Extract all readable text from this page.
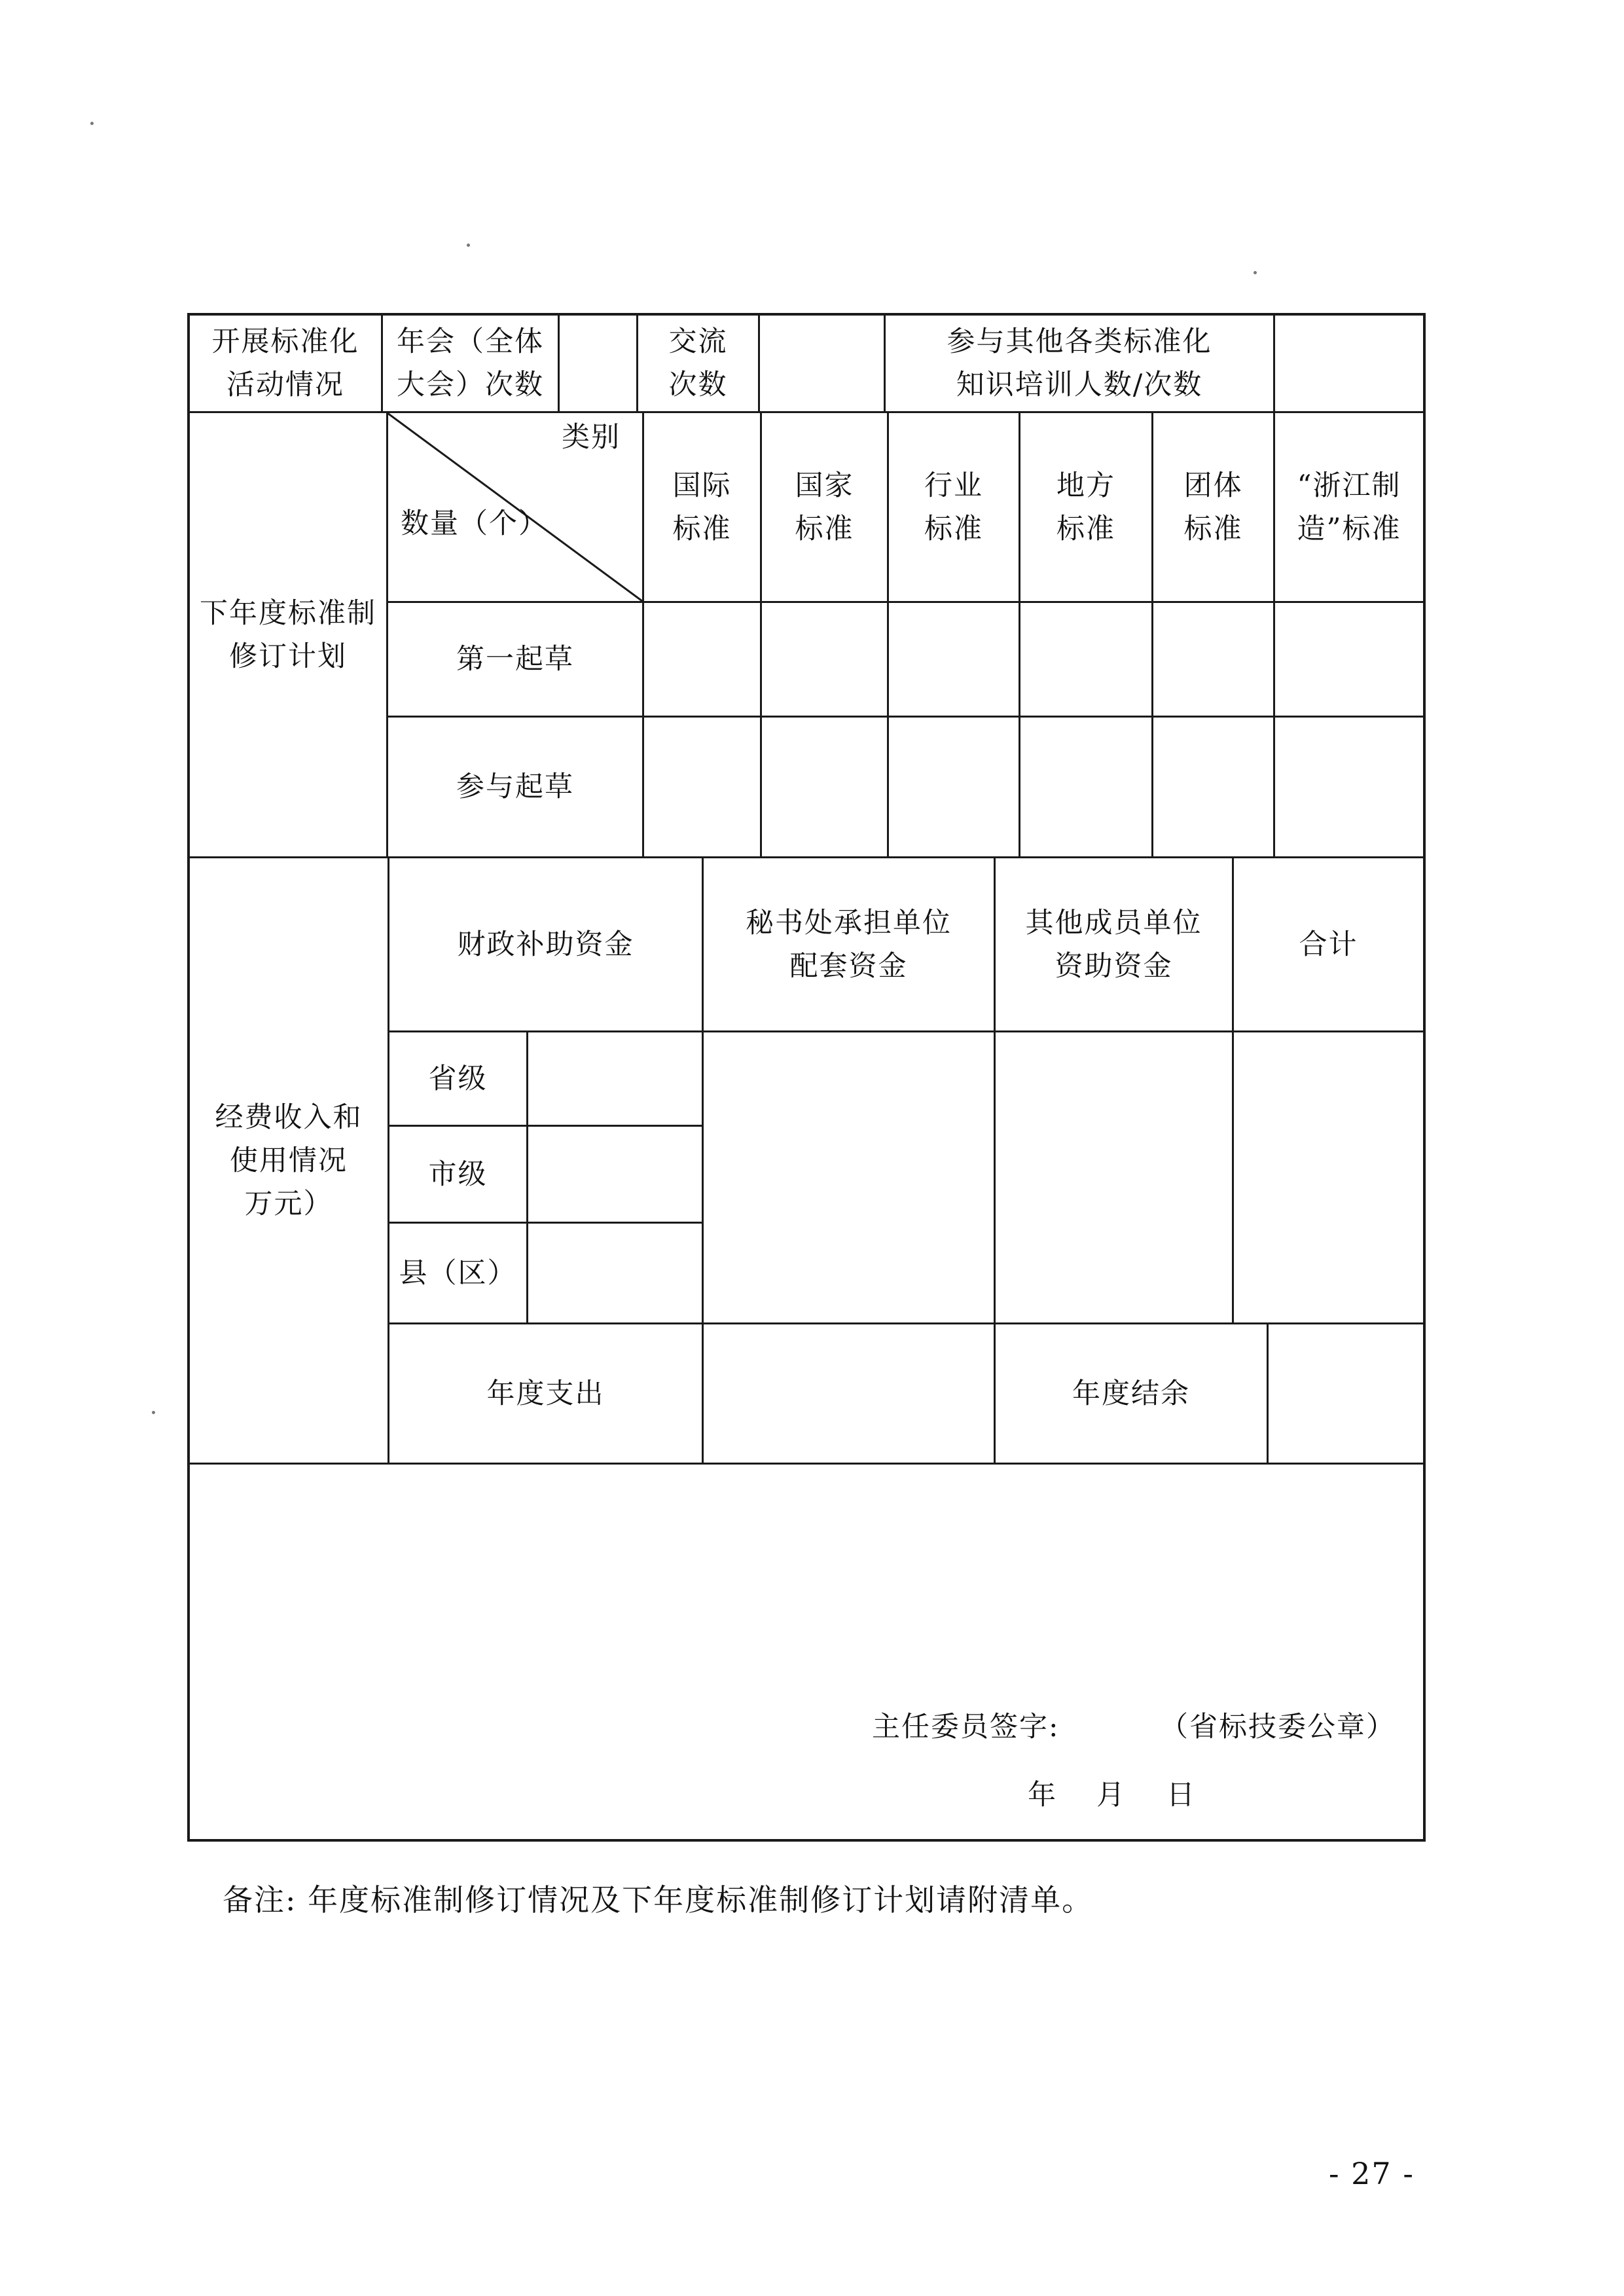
开展标准化
活动情况
年会（全体
大会）次数
交流
次数
参与其他各类标准化
知识培训人数/次数
下年度标准制
修订计划
类别
数量（个）
国际
标准
国家
标准
行业
标准
地方
标准
团体
标准
“浙江制
造”标准
第一起草
参与起草
经费收入和
使用情况
万元）
财政补助资金
秘书处承担单位
配套资金
其他成员单位
资助资金
合计
省级
市级
县（区）
年度支出	年度结余
主任委员签字:	（省标技委公章）
年 月 日
备注: 年度标准制修订情况及下年度标准制修订计划请附清单。
- 27 -
